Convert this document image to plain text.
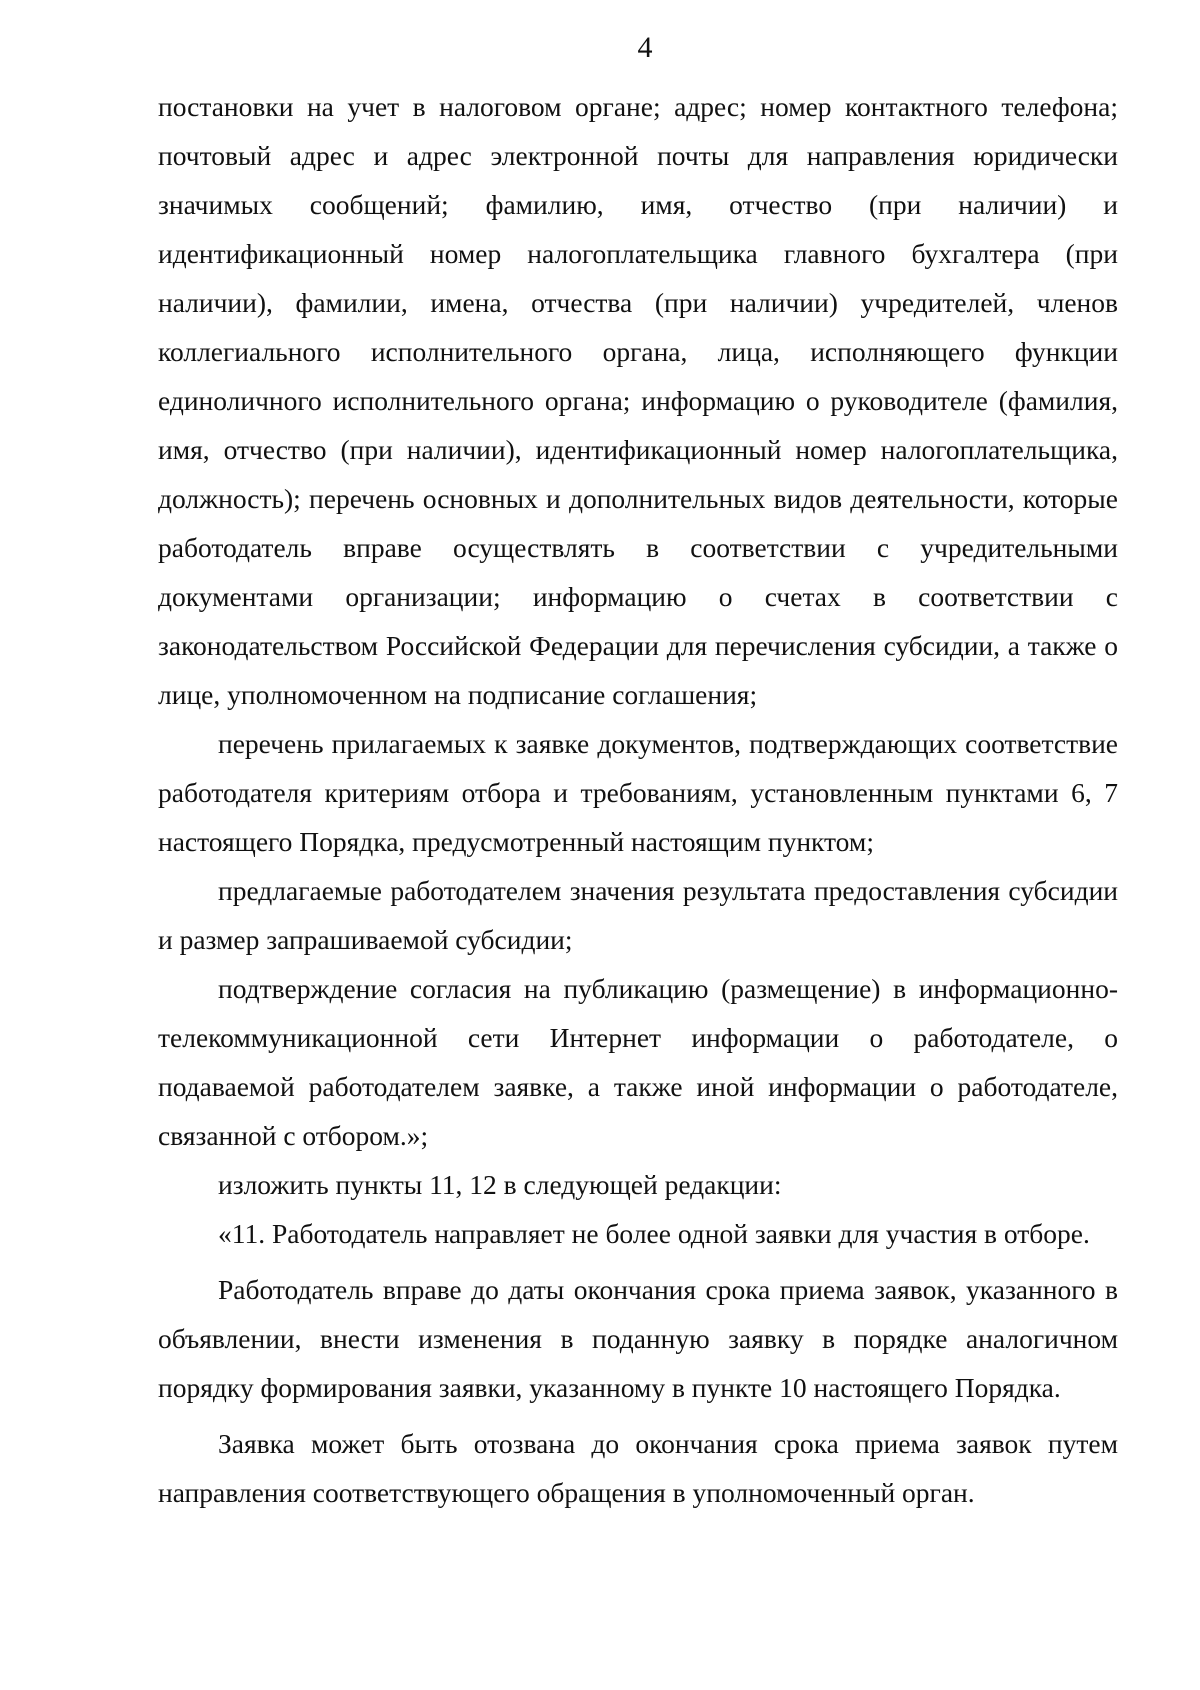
4

постановки на учет в налоговом органе; адрес; номер контактного телефона; почтовый адрес и адрес электронной почты для направления юридически значимых сообщений; фамилию, имя, отчество (при наличии) и идентификационный номер налогоплательщика главного бухгалтера (при наличии), фамилии, имена, отчества (при наличии) учредителей, членов коллегиального исполнительного органа, лица, исполняющего функции единоличного исполнительного органа; информацию о руководителе (фамилия, имя, отчество (при наличии), идентификационный номер налогоплательщика, должность); перечень основных и дополнительных видов деятельности, которые работодатель вправе осуществлять в соответствии с учредительными документами организации; информацию о счетах в соответствии с законодательством Российской Федерации для перечисления субсидии, а также о лице, уполномоченном на подписание соглашения;

перечень прилагаемых к заявке документов, подтверждающих соответствие работодателя критериям отбора и требованиям, установленным пунктами 6, 7 настоящего Порядка, предусмотренный настоящим пунктом;

предлагаемые работодателем значения результата предоставления субсидии и размер запрашиваемой субсидии;

подтверждение согласия на публикацию (размещение) в информационно-телекоммуникационной сети Интернет информации о работодателе, о подаваемой работодателем заявке, а также иной информации о работодателе, связанной с отбором.»;

изложить пункты 11, 12 в следующей редакции:

«11. Работодатель направляет не более одной заявки для участия в отборе.

Работодатель вправе до даты окончания срока приема заявок, указанного в объявлении, внести изменения в поданную заявку в порядке аналогичном порядку формирования заявки, указанному в пункте 10 настоящего Порядка.

Заявка может быть отозвана до окончания срока приема заявок путем направления соответствующего обращения в уполномоченный орган.
